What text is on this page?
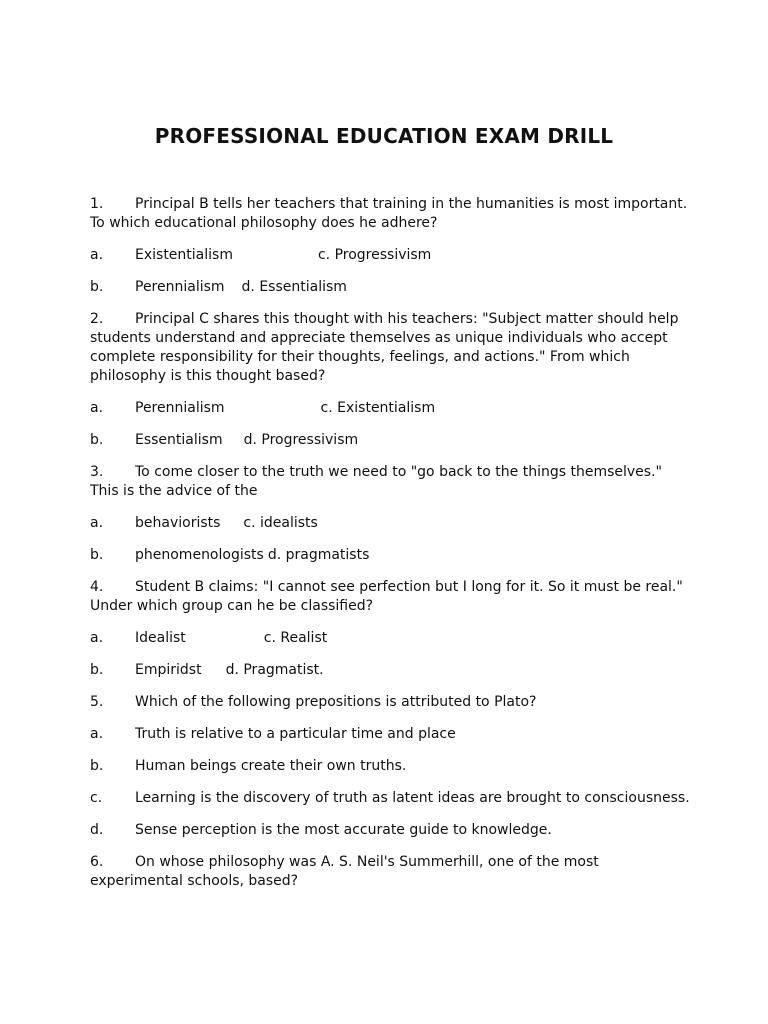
PROFESSIONAL EDUCATION EXAM DRILL

1. Principal B tells her teachers that training in the humanities is most important. To which educational philosophy does he adhere?

a. Existentialism	c. Progressivism

b. Perennialism d. Essentialism

2. Principal C shares this thought with his teachers: "Subject matter should help students understand and appreciate themselves as unique individuals who accept complete responsibility for their thoughts, feelings, and actions." From which philosophy is this thought based?

a. Perennialism	c. Existentialism

b. Essentialism d. Progressivism

3. To come closer to the truth we need to "go back to the things themselves." This is the advice of the

a. behaviorists c. idealists

b. phenomenologists d. pragmatists

4. Student B claims: "I cannot see perfection but I long for it. So it must be real." Under which group can he be classified?

a. Idealist	c. Realist

b. Empiridst d. Pragmatist.

5. Which of the following prepositions is attributed to Plato?

a. Truth is relative to a particular time and place

b. Human beings create their own truths.

c. Learning is the discovery of truth as latent ideas are brought to consciousness.

d. Sense perception is the most accurate guide to knowledge.

6. On whose philosophy was A. S. Neil's Summerhill, one of the most experimental schools, based?
